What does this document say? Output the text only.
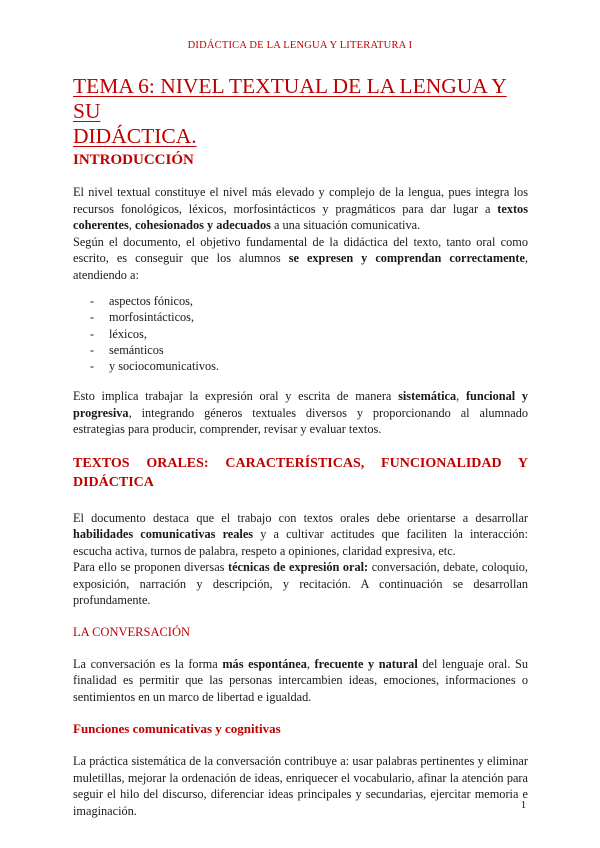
DIDÁCTICA DE LA LENGUA Y LITERATURA I
TEMA 6: NIVEL TEXTUAL DE LA LENGUA Y SU
DIDÁCTICA.
INTRODUCCIÓN

El nivel textual constituye el nivel más elevado y complejo de la lengua, pues integra los recursos fonológicos, léxicos, morfosintácticos y pragmáticos para dar lugar a textos coherentes, cohesionados y adecuados a una situación comunicativa.

Según el documento, el objetivo fundamental de la didáctica del texto, tanto oral como escrito, es conseguir que los alumnos se expresen y comprendan correctamente, atendiendo a:

- aspectos fónicos,
- morfosintácticos,
- léxicos,
- semánticos
- y sociocomunicativos.

Esto implica trabajar la expresión oral y escrita de manera sistemática, funcional y progresiva, integrando géneros textuales diversos y proporcionando al alumnado estrategias para producir, comprender, revisar y evaluar textos.

TEXTOS ORALES: CARACTERÍSTICAS, FUNCIONALIDAD Y
DIDÁCTICA

El documento destaca que el trabajo con textos orales debe orientarse a desarrollar habilidades comunicativas reales y a cultivar actitudes que faciliten la interacción: escucha activa, turnos de palabra, respeto a opiniones, claridad expresiva, etc.

Para ello se proponen diversas técnicas de expresión oral: conversación, debate, coloquio, exposición, narración y descripción, y recitación. A continuación se desarrollan profundamente.

LA CONVERSACIÓN

La conversación es la forma más espontánea, frecuente y natural del lenguaje oral. Su finalidad es permitir que las personas intercambien ideas, emociones, informaciones o sentimientos en un marco de libertad e igualdad.

Funciones comunicativas y cognitivas

La práctica sistemática de la conversación contribuye a: usar palabras pertinentes y eliminar muletillas, mejorar la ordenación de ideas, enriquecer el vocabulario, afinar la atención para seguir el hilo del discurso, diferenciar ideas principales y secundarias, ejercitar memoria e imaginación.	1
